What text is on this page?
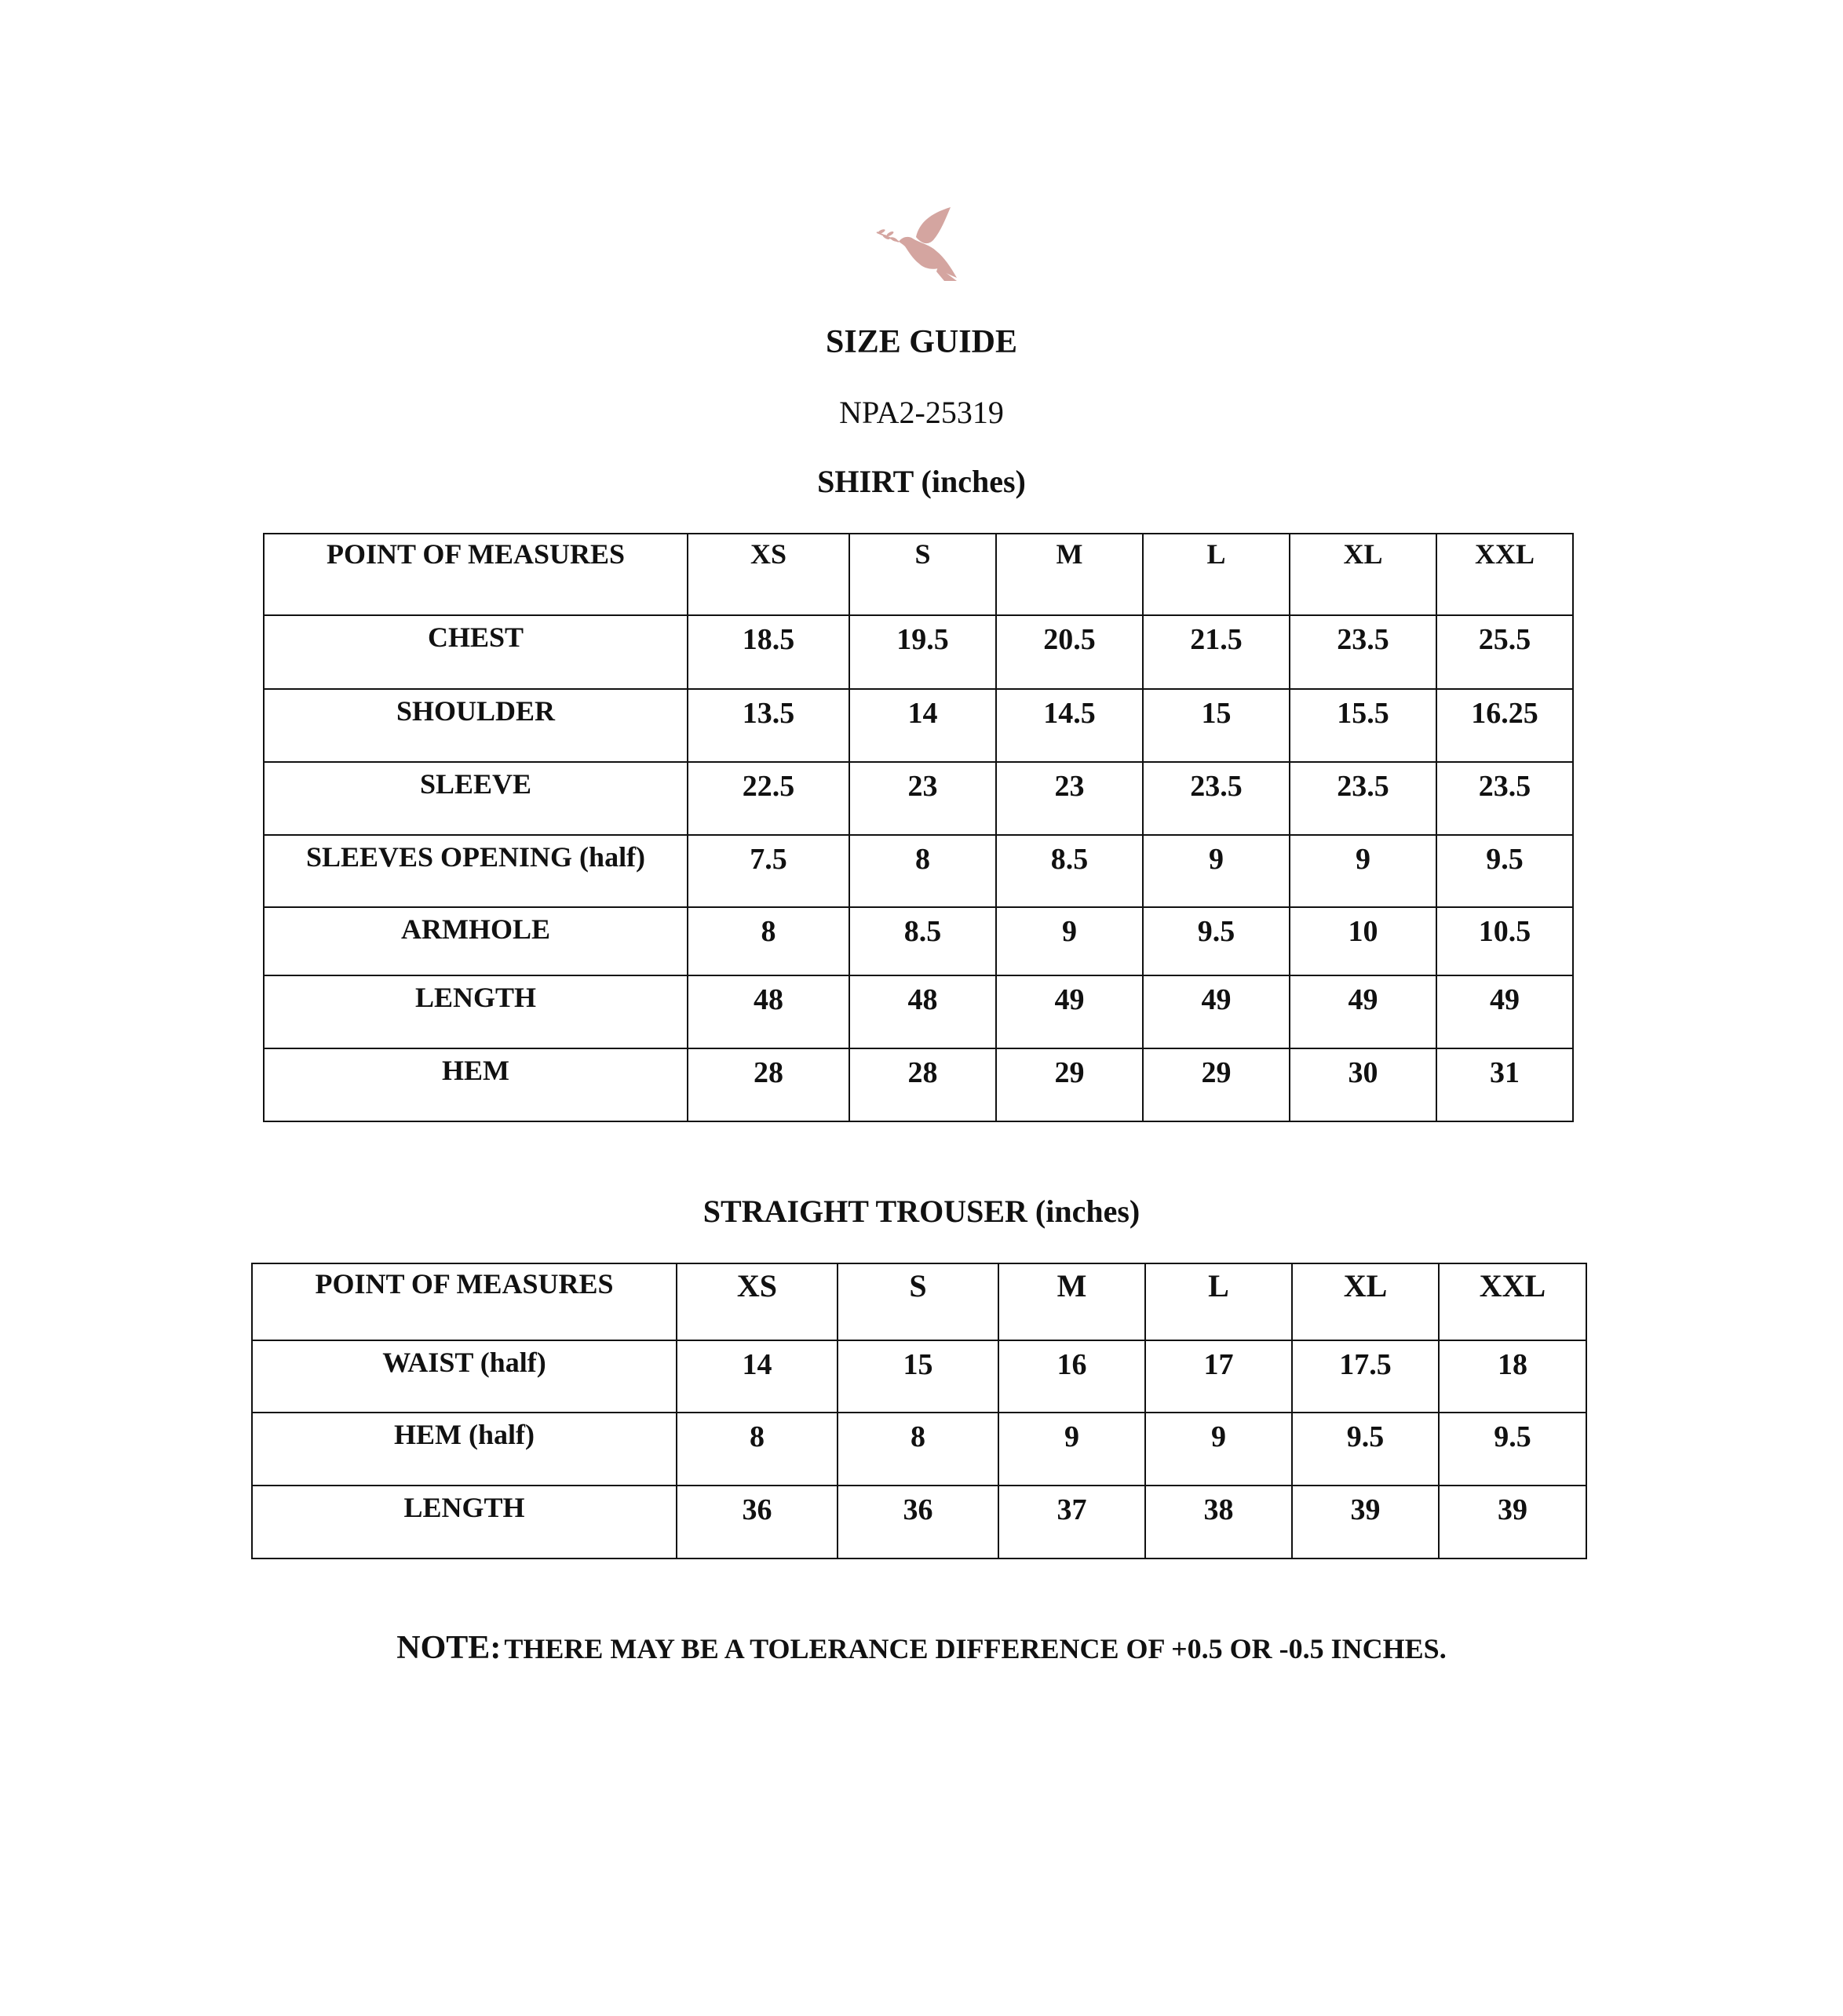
SIZE GUIDE
NPA2-25319
SHIRT (inches)
POINT OF MEASURES	XS	S	M	L	XL	XXL
CHEST	18.5	19.5	20.5	21.5	23.5	25.5
SHOULDER	13.5	14	14.5	15	15.5	16.25
SLEEVE	22.5	23	23	23.5	23.5	23.5
SLEEVES OPENING (half)	7.5	8	8.5	9	9	9.5
ARMHOLE	8	8.5	9	9.5	10	10.5
LENGTH	48	48	49	49	49	49
HEM	28	28	29	29	30	31
STRAIGHT TROUSER (inches)
POINT OF MEASURES	XS	S	M	L	XL	XXL
WAIST (half)	14	15	16	17	17.5	18
HEM (half)	8	8	9	9	9.5	9.5
LENGTH	36	36	37	38	39	39
NOTE: THERE MAY BE A TOLERANCE DIFFERENCE OF +0.5 OR -0.5 INCHES.
